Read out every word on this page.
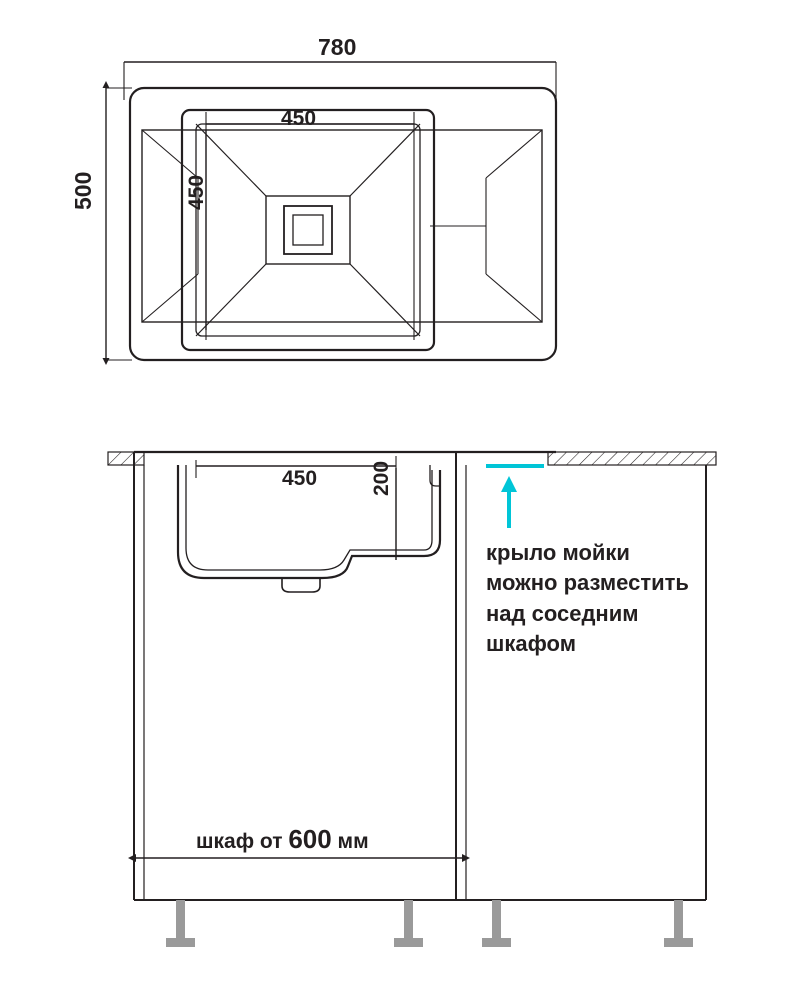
780
500
450
450
450	200
крыло мойки можно разместить над соседним шкафом
шкаф от 600 мм
